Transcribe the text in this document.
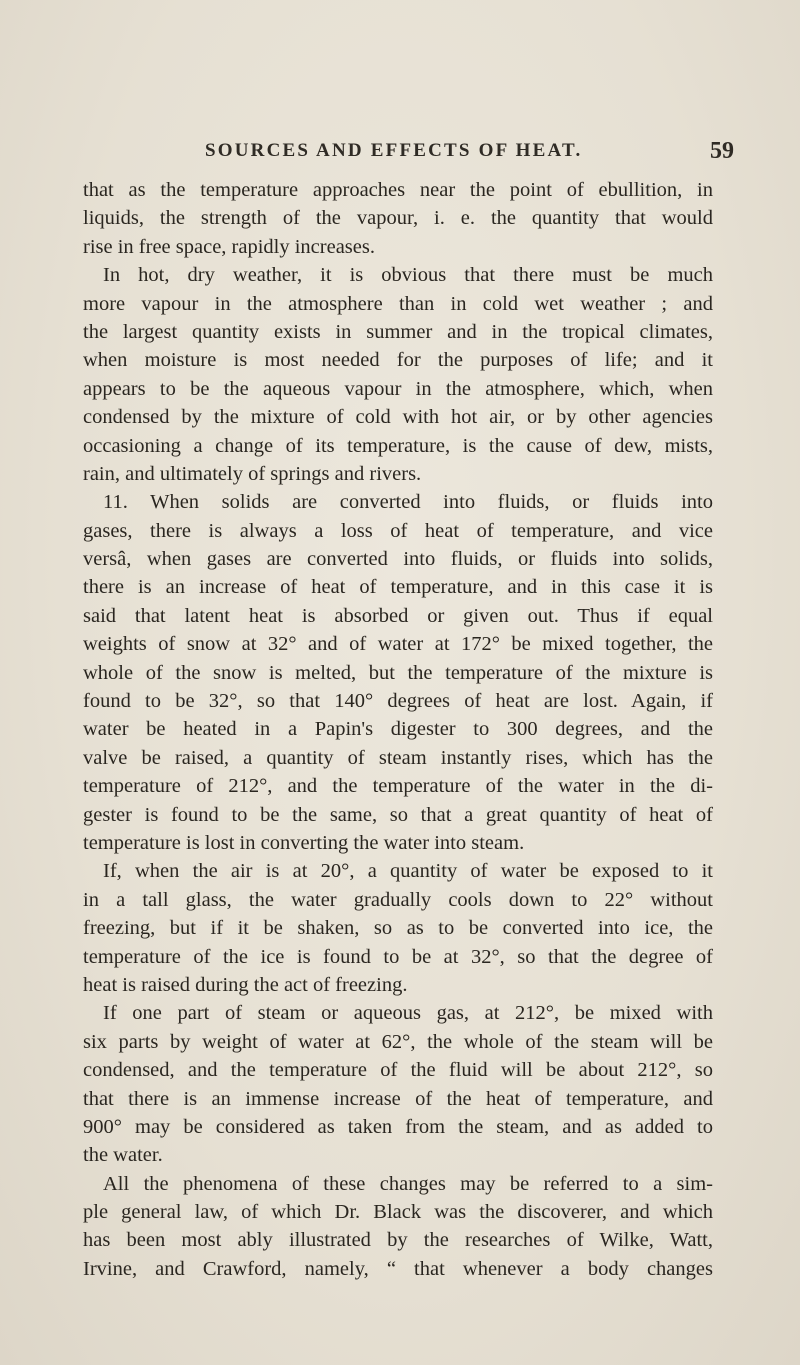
SOURCES AND EFFECTS OF HEAT.	59
that as the temperature approaches near the point of ebullition, in
liquids, the strength of the vapour, i. e. the quantity that would
rise in free space, rapidly increases.
In hot, dry weather, it is obvious that there must be much
more vapour in the atmosphere than in cold wet weather ; and
the largest quantity exists in summer and in the tropical climates,
when moisture is most needed for the purposes of life; and it
appears to be the aqueous vapour in the atmosphere, which, when
condensed by the mixture of cold with hot air, or by other agencies
occasioning a change of its temperature, is the cause of dew, mists,
rain, and ultimately of springs and rivers.
11. When solids are converted into fluids, or fluids into
gases, there is always a loss of heat of temperature, and vice
versâ, when gases are converted into fluids, or fluids into solids,
there is an increase of heat of temperature, and in this case it is
said that latent heat is absorbed or given out. Thus if equal
weights of snow at 32° and of water at 172° be mixed together, the
whole of the snow is melted, but the temperature of the mixture is
found to be 32°, so that 140° degrees of heat are lost. Again, if
water be heated in a Papin's digester to 300 degrees, and the
valve be raised, a quantity of steam instantly rises, which has the
temperature of 212°, and the temperature of the water in the di-
gester is found to be the same, so that a great quantity of heat of
temperature is lost in converting the water into steam.
If, when the air is at 20°, a quantity of water be exposed to it
in a tall glass, the water gradually cools down to 22° without
freezing, but if it be shaken, so as to be converted into ice, the
temperature of the ice is found to be at 32°, so that the degree of
heat is raised during the act of freezing.
If one part of steam or aqueous gas, at 212°, be mixed with
six parts by weight of water at 62°, the whole of the steam will be
condensed, and the temperature of the fluid will be about 212°, so
that there is an immense increase of the heat of temperature, and
900° may be considered as taken from the steam, and as added to
the water.
All the phenomena of these changes may be referred to a sim-
ple general law, of which Dr. Black was the discoverer, and which
has been most ably illustrated by the researches of Wilke, Watt,
Irvine, and Crawford, namely, “ that whenever a body changes
